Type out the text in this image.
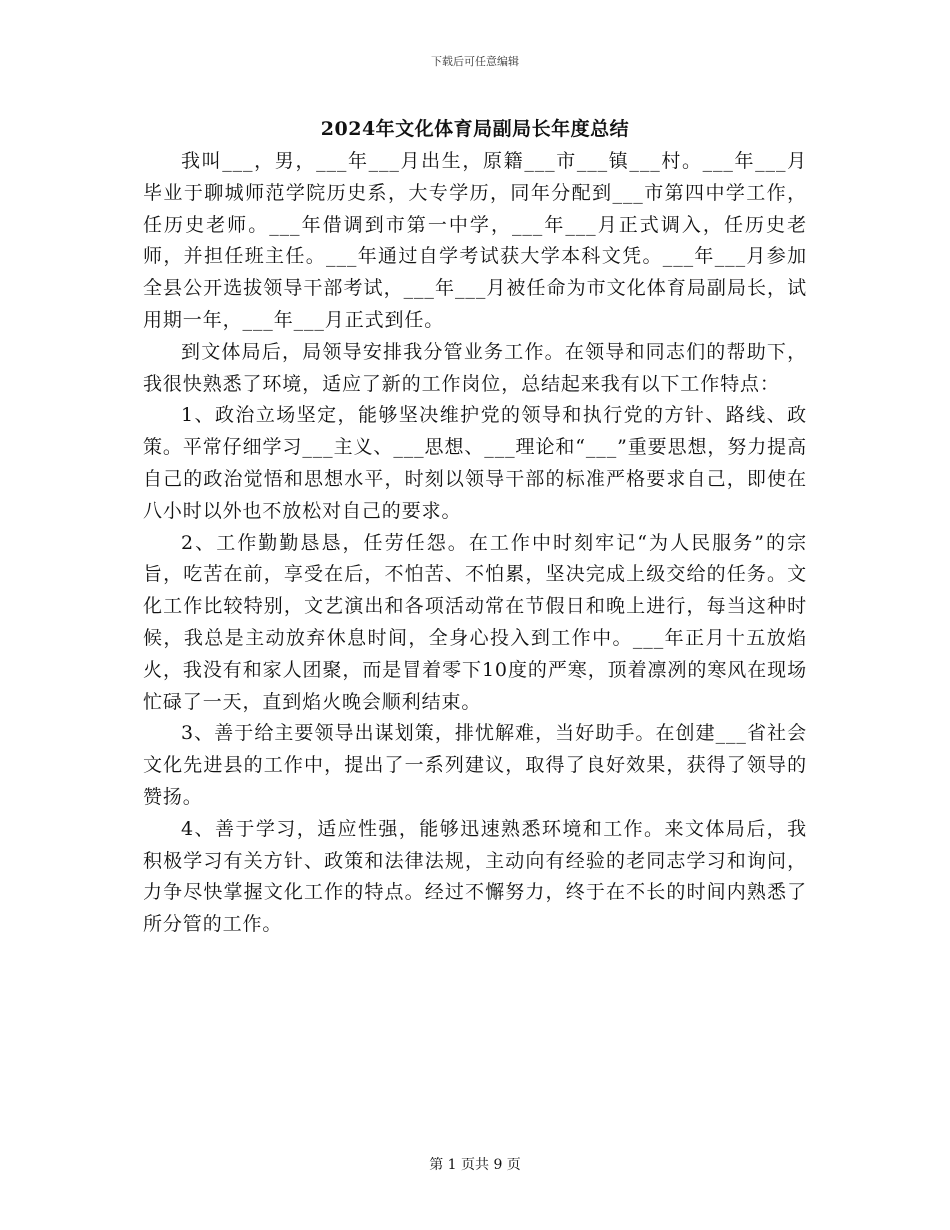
下载后可任意编辑
2024年文化体育局副局长年度总结

我叫___，男，___年___月出生，原籍___市___镇___村。___年___月毕业于聊城师范学院历史系，大专学历，同年分配到___市第四中学工作，任历史老师。___年借调到市第一中学，___年___月正式调入，任历史老师，并担任班主任。___年通过自学考试获大学本科文凭。___年___月参加全县公开选拔领导干部考试，___年___月被任命为市文化体育局副局长，试用期一年，___年___月正式到任。

到文体局后，局领导安排我分管业务工作。在领导和同志们的帮助下，我很快熟悉了环境，适应了新的工作岗位，总结起来我有以下工作特点：

1、政治立场坚定，能够坚决维护党的领导和执行党的方针、路线、政策。平常仔细学习___主义、___思想、___理论和“___”重要思想，努力提高自己的政治觉悟和思想水平，时刻以领导干部的标准严格要求自己，即使在八小时以外也不放松对自己的要求。

2、工作勤勤恳恳，任劳任怨。在工作中时刻牢记“为人民服务”的宗旨，吃苦在前，享受在后，不怕苦、不怕累，坚决完成上级交给的任务。文化工作比较特别，文艺演出和各项活动常在节假日和晚上进行，每当这种时候，我总是主动放弃休息时间，全身心投入到工作中。___年正月十五放焰火，我没有和家人团聚，而是冒着零下10度的严寒，顶着凛冽的寒风在现场忙碌了一天，直到焰火晚会顺利结束。

3、善于给主要领导出谋划策，排忧解难，当好助手。在创建___省社会文化先进县的工作中，提出了一系列建议，取得了良好效果，获得了领导的赞扬。

4、善于学习，适应性强，能够迅速熟悉环境和工作。来文体局后，我积极学习有关方针、政策和法律法规，主动向有经验的老同志学习和询问，力争尽快掌握文化工作的特点。经过不懈努力，终于在不长的时间内熟悉了所分管的工作。

第 1 页共 9 页
